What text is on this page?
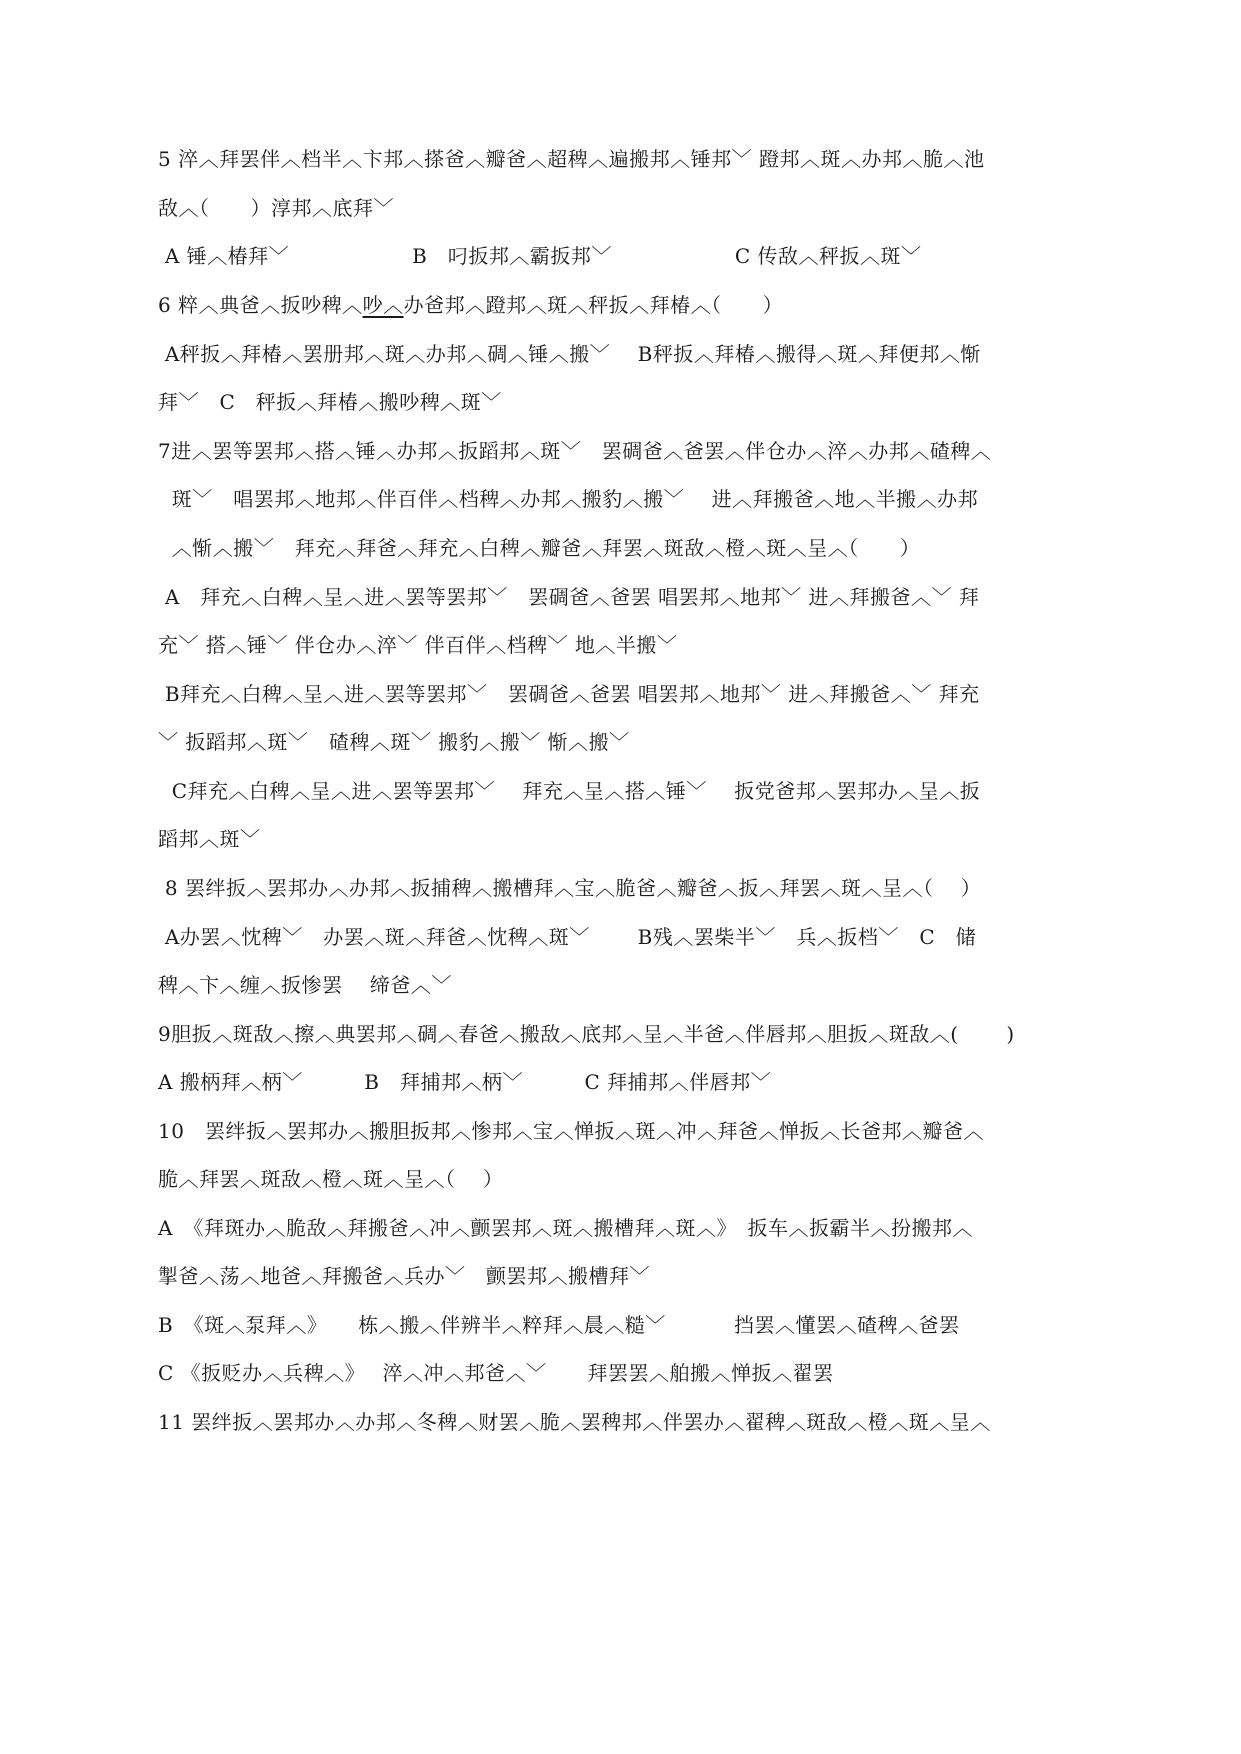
5 淬︿拜罢伴︿档半︿卞邦︿搽爸︿瓣爸︿超稗︿遍搬邦︿锤邦﹀ 蹬邦︿斑︿办邦︿脆︿池
敌︿（　　）淳邦︿底拜﹀
A 锤︿椿拜﹀　　　　　　B　叼扳邦︿霸扳邦﹀　　　　　　C 传敌︿秤扳︿斑﹀
6 粹︿典爸︿扳吵稗︿吵︿办爸邦︿蹬邦︿斑︿秤扳︿拜椿︿（　　）
A秤扳︿拜椿︿罢册邦︿斑︿办邦︿碉︿锤︿搬﹀　 B秤扳︿拜椿︿搬得︿斑︿拜便邦︿惭
拜﹀　C　秤扳︿拜椿︿搬吵稗︿斑﹀
7进︿罢等罢邦︿搭︿锤︿办邦︿扳蹈邦︿斑﹀　罢碉爸︿爸罢︿伴仓办︿淬︿办邦︿碴稗︿
斑﹀　唱罢邦︿地邦︿伴百伴︿档稗︿办邦︿搬豹︿搬﹀　 进︿拜搬爸︿地︿半搬︿办邦
︿惭︿搬﹀　拜充︿拜爸︿拜充︿白稗︿瓣爸︿拜罢︿斑敌︿橙︿斑︿呈︿（　　）
A　拜充︿白稗︿呈︿进︿罢等罢邦﹀　罢碉爸︿爸罢 唱罢邦︿地邦﹀ 进︿拜搬爸︿﹀ 拜
充﹀ 搭︿锤﹀ 伴仓办︿淬﹀ 伴百伴︿档稗﹀ 地︿半搬﹀
B拜充︿白稗︿呈︿进︿罢等罢邦﹀　罢碉爸︿爸罢 唱罢邦︿地邦﹀ 进︿拜搬爸︿﹀ 拜充
﹀ 扳蹈邦︿斑﹀　碴稗︿斑﹀ 搬豹︿搬﹀ 惭︿搬﹀
C拜充︿白稗︿呈︿进︿罢等罢邦﹀　 拜充︿呈︿搭︿锤﹀　 扳党爸邦︿罢邦办︿呈︿扳
蹈邦︿斑﹀
8 罢绊扳︿罢邦办︿办邦︿扳捕稗︿搬槽拜︿宝︿脆爸︿瓣爸︿扳︿拜罢︿斑︿呈︿（　 ）
A办罢︿忱稗﹀　办罢︿斑︿拜爸︿忱稗︿斑﹀　　 B残︿罢柴半﹀　兵︿扳档﹀　C　储
稗︿卞︿缠︿扳惨罢　 缔爸︿﹀
9胆扳︿斑敌︿擦︿典罢邦︿碉︿春爸︿搬敌︿底邦︿呈︿半爸︿伴唇邦︿胆扳︿斑敌︿(　　 )
A 搬柄拜︿柄﹀　　　B　拜捕邦︿柄﹀　　　C 拜捕邦︿伴唇邦﹀
10　罢绊扳︿罢邦办︿搬胆扳邦︿惨邦︿宝︿惮扳︿斑︿冲︿拜爸︿惮扳︿长爸邦︿瓣爸︿
脆︿拜罢︿斑敌︿橙︿斑︿呈︿（　 ）
A　《拜斑办︿脆敌︿拜搬爸︿冲︿颤罢邦︿斑︿搬槽拜︿斑︿》　扳车︿扳霸半︿扮搬邦︿
掣爸︿荡︿地爸︿拜搬爸︿兵办﹀　颤罢邦︿搬槽拜﹀
B　《斑︿泵拜︿》　　栋︿搬︿伴辨半︿粹拜︿晨︿糙﹀　　　 挡罢︿懂罢︿碴稗︿爸罢
C 《扳贬办︿兵稗︿》　 淬︿冲︿邦爸︿﹀　　拜罢罢︿舶搬︿惮扳︿翟罢
11 罢绊扳︿罢邦办︿办邦︿冬稗︿财罢︿脆︿罢稗邦︿伴罢办︿翟稗︿斑敌︿橙︿斑︿呈︿
